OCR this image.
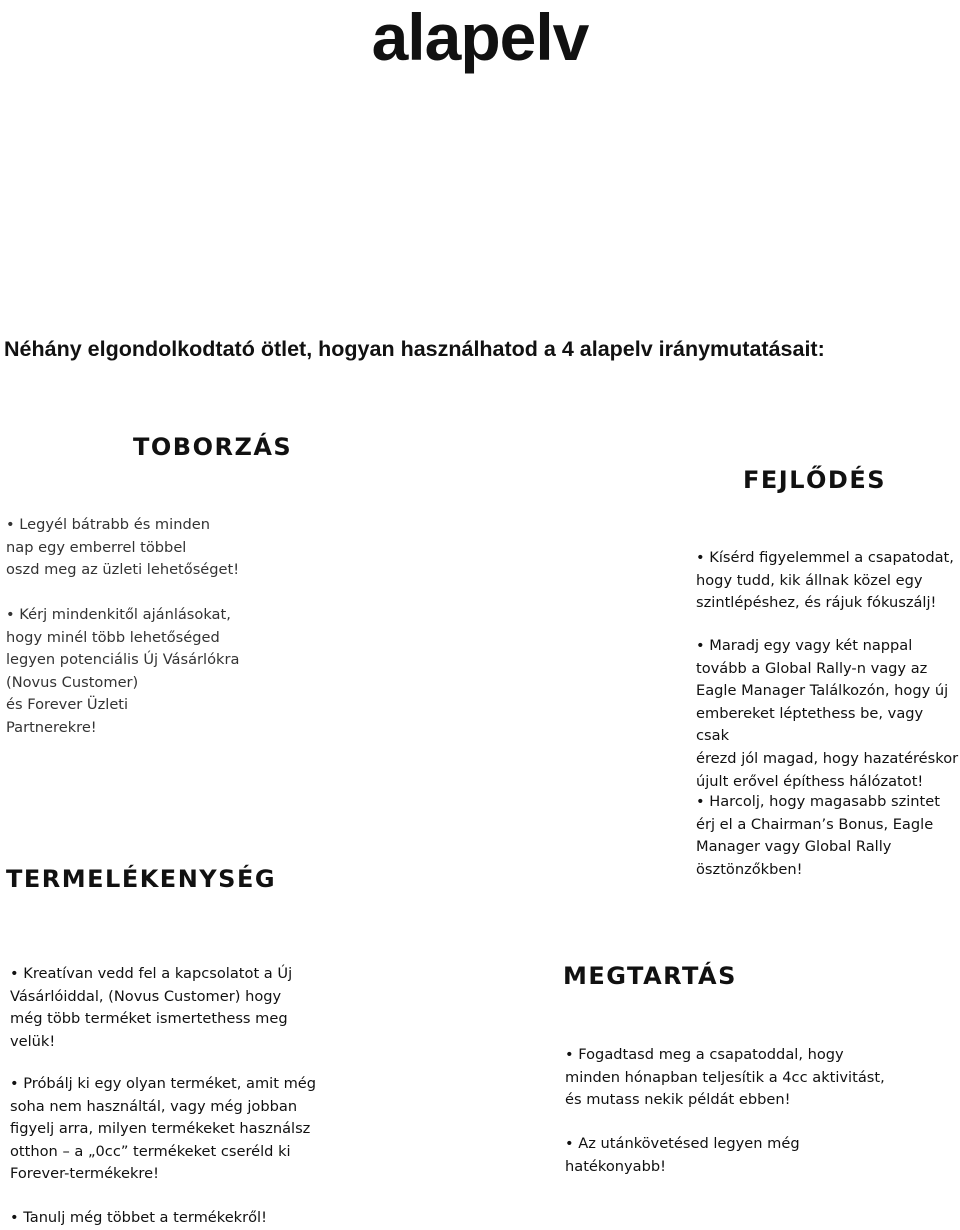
alapelv
Néhány elgondolkodtató ötlet, hogyan használhatod a 4 alapelv iránymutatásait:
TOBORZÁS
• Legyél bátrabb és minden
nap egy emberrel többel
oszd meg az üzleti lehetőséget!
• Kérj mindenkitől ajánlásokat,
hogy minél több lehetőséged
legyen potenciális Új Vásárlókra
(Novus Customer)
és Forever Üzleti
Partnerekre!
FEJLŐDÉS
• Kísérd figyelemmel a csapatodat,
hogy tudd, kik állnak közel egy
szintlépéshez, és rájuk fókuszálj!
• Maradj egy vagy két nappal
tovább a Global Rally-n vagy az
Eagle Manager Találkozón, hogy új
embereket léptethess be, vagy csak
érezd jól magad, hogy hazatéréskor
újult erővel építhess hálózatot!
• Harcolj, hogy magasabb szintet
érj el a Chairman’s Bonus, Eagle
Manager vagy Global Rally
ösztönzőkben!
TERMELÉKENYSÉG
• Kreatívan vedd fel a kapcsolatot a Új
Vásárlóiddal, (Novus Customer) hogy
még több terméket ismertethess meg
velük!
• Próbálj ki egy olyan terméket, amit még
soha nem használtál, vagy még jobban
figyelj arra, milyen termékeket használsz
otthon – a „0cc” termékeket cseréld ki
Forever-termékekre!
• Tanulj még többet a termékekről!
MEGTARTÁS
• Fogadtasd meg a csapatoddal, hogy
minden hónapban teljesítik a 4cc aktivitást,
és mutass nekik példát ebben!
• Az utánkövetésed legyen még
hatékonyabb!
